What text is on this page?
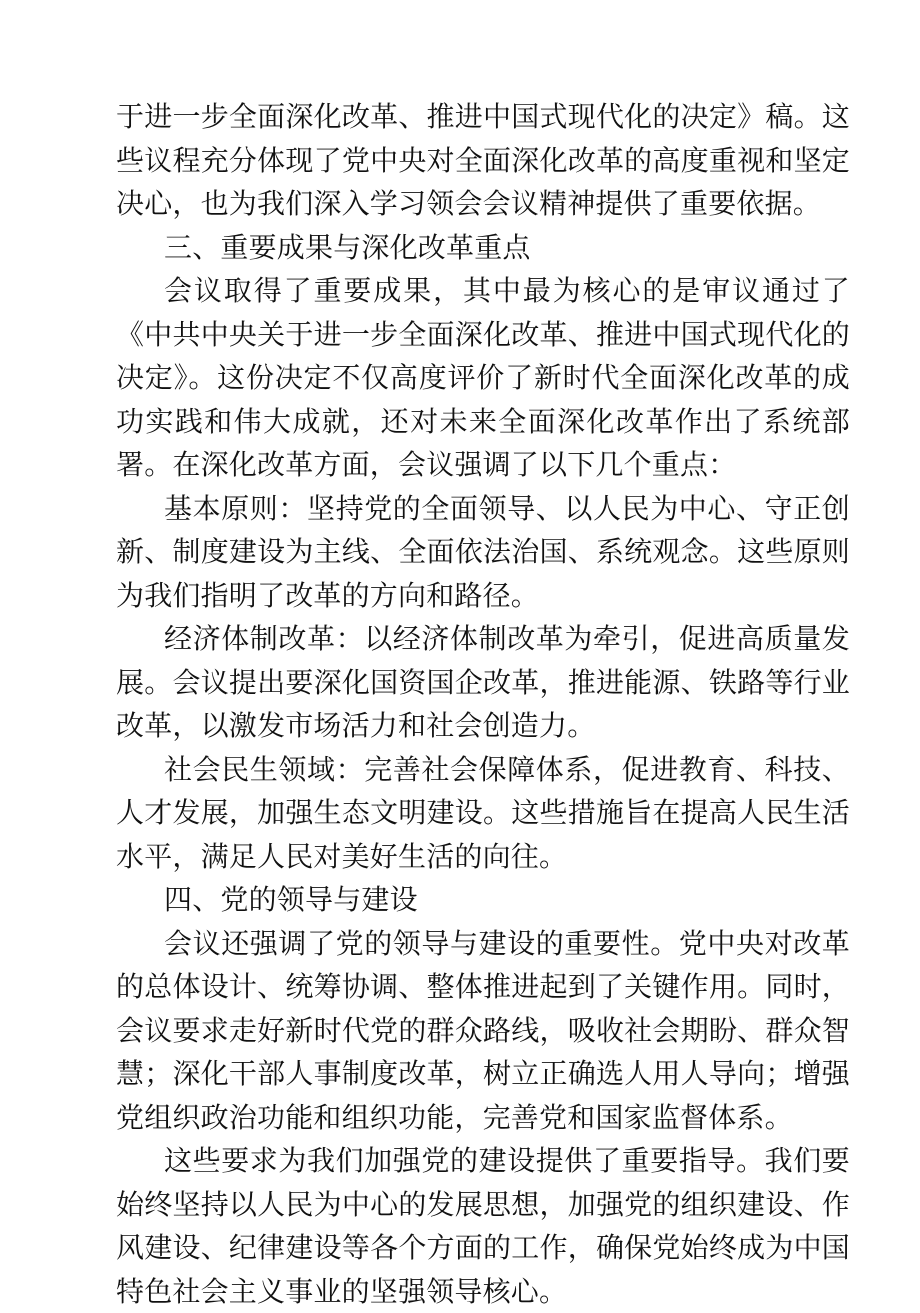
于进一步全面深化改革、推进中国式现代化的决定》稿。这些议程充分体现了党中央对全面深化改革的高度重视和坚定决心，也为我们深入学习领会会议精神提供了重要依据。

三、重要成果与深化改革重点

会议取得了重要成果，其中最为核心的是审议通过了《中共中央关于进一步全面深化改革、推进中国式现代化的决定》。这份决定不仅高度评价了新时代全面深化改革的成功实践和伟大成就，还对未来全面深化改革作出了系统部署。在深化改革方面，会议强调了以下几个重点：

基本原则：坚持党的全面领导、以人民为中心、守正创新、制度建设为主线、全面依法治国、系统观念。这些原则为我们指明了改革的方向和路径。

经济体制改革：以经济体制改革为牵引，促进高质量发展。会议提出要深化国资国企改革，推进能源、铁路等行业改革，以激发市场活力和社会创造力。

社会民生领域：完善社会保障体系，促进教育、科技、人才发展，加强生态文明建设。这些措施旨在提高人民生活水平，满足人民对美好生活的向往。

四、党的领导与建设

会议还强调了党的领导与建设的重要性。党中央对改革的总体设计、统筹协调、整体推进起到了关键作用。同时，会议要求走好新时代党的群众路线，吸收社会期盼、群众智慧；深化干部人事制度改革，树立正确选人用人导向；增强党组织政治功能和组织功能，完善党和国家监督体系。

这些要求为我们加强党的建设提供了重要指导。我们要始终坚持以人民为中心的发展思想，加强党的组织建设、作风建设、纪律建设等各个方面的工作，确保党始终成为中国特色社会主义事业的坚强领导核心。
